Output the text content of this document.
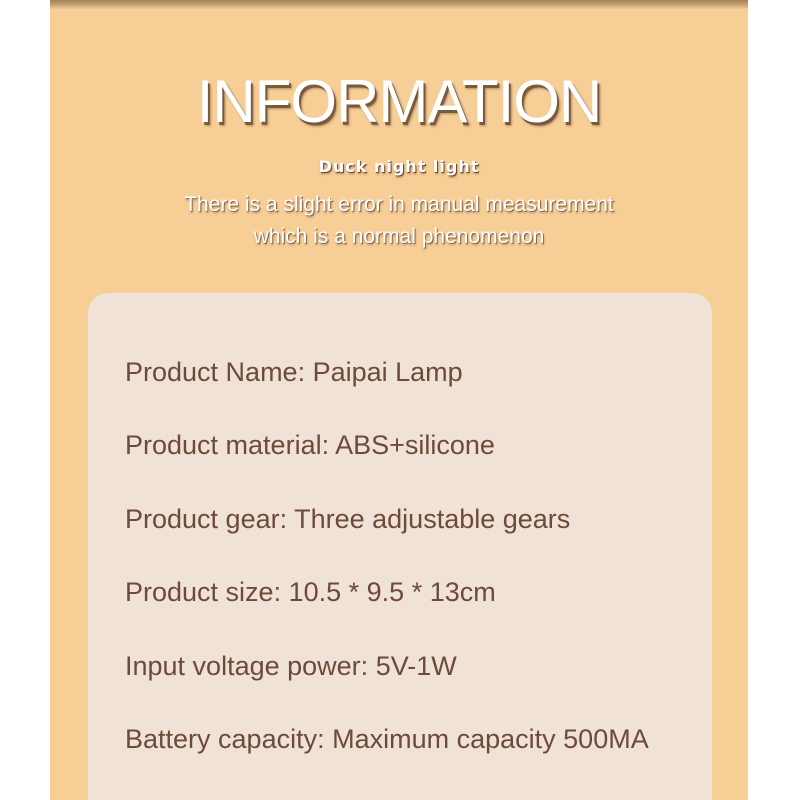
INFORMATION
Duck night light
There is a slight error in manual measurement
which is a normal phenomenon
Product Name: Paipai Lamp
Product material: ABS+silicone
Product gear: Three adjustable gears
Product size: 10.5 * 9.5 * 13cm
Input voltage power: 5V-1W
Battery capacity: Maximum capacity 500MA
